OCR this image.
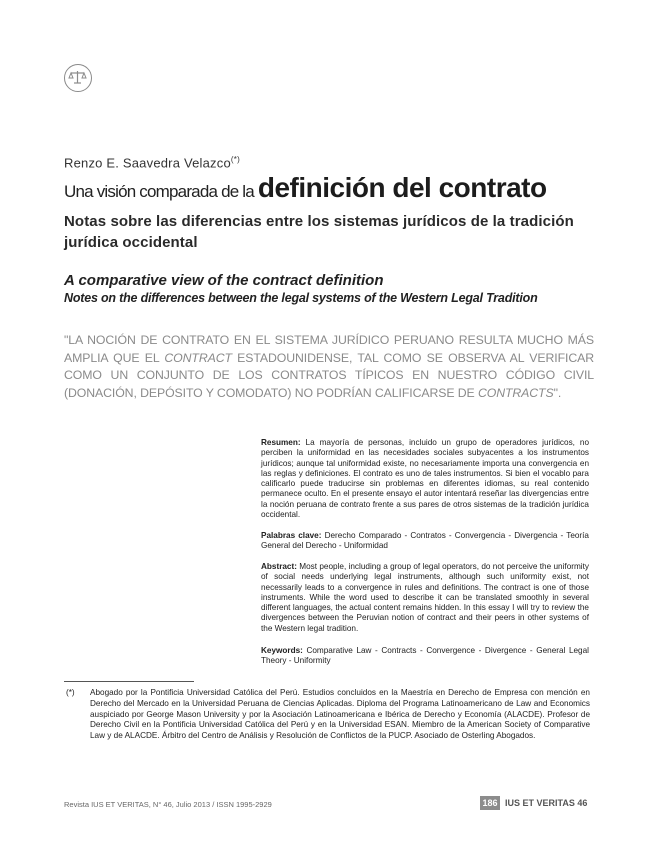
Renzo E. Saavedra Velazco(*)
Una visión comparada de la definición del contrato
Notas sobre las diferencias entre los sistemas jurídicos de la tradición jurídica occidental
A comparative view of the contract definition
Notes on the differences between the legal systems of the Western Legal Tradition
"LA NOCIÓN DE CONTRATO EN EL SISTEMA JURÍDICO PERUANO RESULTA MUCHO MÁS AMPLIA QUE EL CONTRACT ESTADOUNIDENSE, TAL COMO SE OBSERVA AL VERIFICAR COMO UN CONJUNTO DE LOS CONTRATOS TÍPICOS EN NUESTRO CÓDIGO CIVIL (DONACIÓN, DEPÓSITO Y COMODATO) NO PODRÍAN CALIFICARSE DE CONTRACTS".
Resumen: La mayoría de personas, incluido un grupo de operadores jurídicos, no perciben la uniformidad en las necesidades sociales subyacentes a los instrumentos jurídicos; aunque tal uniformidad existe, no necesariamente importa una convergencia en las reglas y definiciones. El contrato es uno de tales instrumentos. Si bien el vocablo para calificarlo puede traducirse sin problemas en diferentes idiomas, su real contenido permanece oculto. En el presente ensayo el autor intentará reseñar las divergencias entre la noción peruana de contrato frente a sus pares de otros sistemas de la tradición jurídica occidental.
Palabras clave: Derecho Comparado - Contratos - Convergencia - Divergencia - Teoría General del Derecho - Uniformidad
Abstract: Most people, including a group of legal operators, do not perceive the uniformity of social needs underlying legal instruments, although such uniformity exist, not necessarily leads to a convergence in rules and definitions. The contract is one of those instruments. While the word used to describe it can be translated smoothly in several different languages, the actual content remains hidden. In this essay I will try to review the divergences between the Peruvian notion of contract and their peers in other systems of the Western legal tradition.
Keywords: Comparative Law - Contracts - Convergence - Divergence - General Legal Theory - Uniformity
(*) Abogado por la Pontificia Universidad Católica del Perú. Estudios concluidos en la Maestría en Derecho de Empresa con mención en Derecho del Mercado en la Universidad Peruana de Ciencias Aplicadas. Diploma del Programa Latinoamericano de Law and Economics auspiciado por George Mason University y por la Asociación Latinoamericana e Ibérica de Derecho y Economía (ALACDE). Profesor de Derecho Civil en la Pontificia Universidad Católica del Perú y en la Universidad ESAN. Miembro de la American Society of Comparative Law y de ALACDE. Árbitro del Centro de Análisis y Resolución de Conflictos de la PUCP. Asociado de Osterling Abogados.
Revista IUS ET VERITAS, N° 46, Julio 2013 / ISSN 1995-2929	186 IUS ET VERITAS 46
